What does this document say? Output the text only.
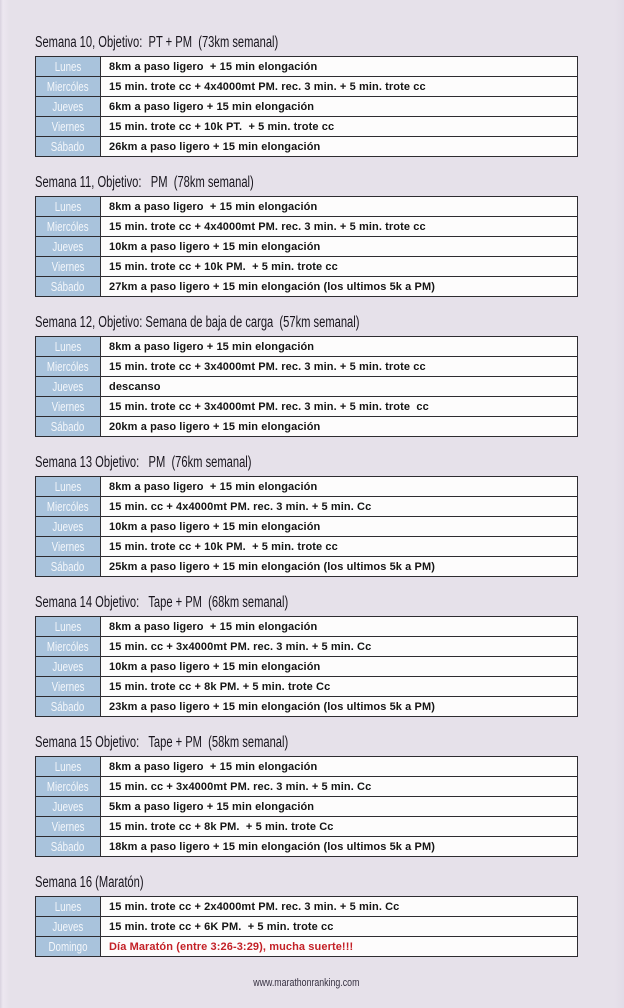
Semana 10, Objetivo:  PT + PM  (73km semanal)
Lunes	8km a paso ligero  + 15 min elongación

Miercóles	15 min. trote cc + 4x4000mt PM. rec. 3 min. + 5 min. trote cc

Jueves	6km a paso ligero + 15 min elongación

Viernes	15 min. trote cc + 10k PT.  + 5 min. trote cc

Sábado	26km a paso ligero + 15 min elongación
Semana 11, Objetivo:   PM  (78km semanal)
Lunes	8km a paso ligero  + 15 min elongación

Miercóles	15 min. trote cc + 4x4000mt PM. rec. 3 min. + 5 min. trote cc

Jueves	10km a paso ligero + 15 min elongación

Viernes	15 min. trote cc + 10k PM.  + 5 min. trote cc

Sábado	27km a paso ligero + 15 min elongación (los ultimos 5k a PM)
Semana 12, Objetivo: Semana de baja de carga  (57km semanal)
Lunes	8km a paso ligero + 15 min elongación

Miercóles	15 min. trote cc + 3x4000mt PM. rec. 3 min. + 5 min. trote cc

Jueves	descanso

Viernes	15 min. trote cc + 3x4000mt PM. rec. 3 min. + 5 min. trote  cc

Sábado	20km a paso ligero + 15 min elongación
Semana 13 Objetivo:   PM  (76km semanal)
Lunes	8km a paso ligero  + 15 min elongación

Miercóles	15 min. cc + 4x4000mt PM. rec. 3 min. + 5 min. Cc

Jueves	10km a paso ligero + 15 min elongación

Viernes	15 min. trote cc + 10k PM.  + 5 min. trote cc

Sábado	25km a paso ligero + 15 min elongación (los ultimos 5k a PM)
Semana 14 Objetivo:   Tape + PM  (68km semanal)
Lunes	8km a paso ligero  + 15 min elongación

Miercóles	15 min. cc + 3x4000mt PM. rec. 3 min. + 5 min. Cc

Jueves	10km a paso ligero + 15 min elongación

Viernes	15 min. trote cc + 8k PM. + 5 min. trote Cc

Sábado	23km a paso ligero + 15 min elongación (los ultimos 5k a PM)
Semana 15 Objetivo:   Tape + PM  (58km semanal)
Lunes	8km a paso ligero  + 15 min elongación

Miercóles	15 min. cc + 3x4000mt PM. rec. 3 min. + 5 min. Cc

Jueves	5km a paso ligero + 15 min elongación

Viernes	15 min. trote cc + 8k PM.  + 5 min. trote Cc

Sábado	18km a paso ligero + 15 min elongación (los ultimos 5k a PM)
Semana 16 (Maratón)
Lunes	15 min. trote cc + 2x4000mt PM. rec. 3 min. + 5 min. Cc

Jueves	15 min. trote cc + 6K PM.  + 5 min. trote cc

Domingo	Día Maratón (entre 3:26-3:29), mucha suerte!!!
www.marathonranking.com
